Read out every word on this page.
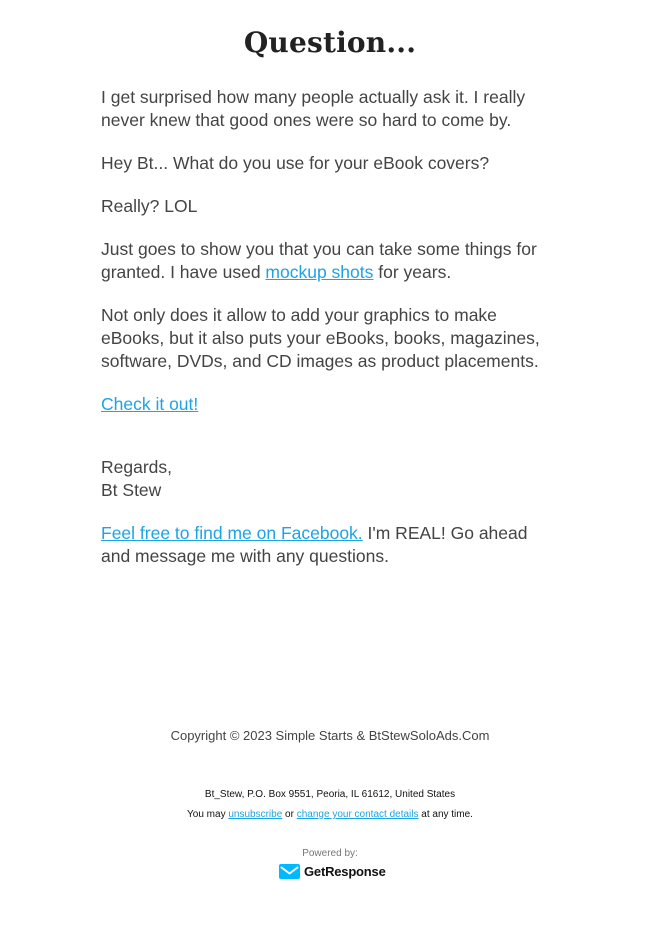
Question...

I get surprised how many people actually ask it. I really never knew that good ones were so hard to come by.

Hey Bt... What do you use for your eBook covers?

Really? LOL

Just goes to show you that you can take some things for granted. I have used mockup shots for years.

Not only does it allow to add your graphics to make eBooks, but it also puts your eBooks, books, magazines, software, DVDs, and CD images as product placements.

Check it out!

Regards,
Bt Stew

Feel free to find me on Facebook. I'm REAL! Go ahead and message me with any questions.

Copyright © 2023 Simple Starts & BtStewSoloAds.Com
Bt_Stew, P.O. Box 9551, Peoria, IL 61612, United States
You may unsubscribe or change your contact details at any time.
Powered by:
GetResponse
